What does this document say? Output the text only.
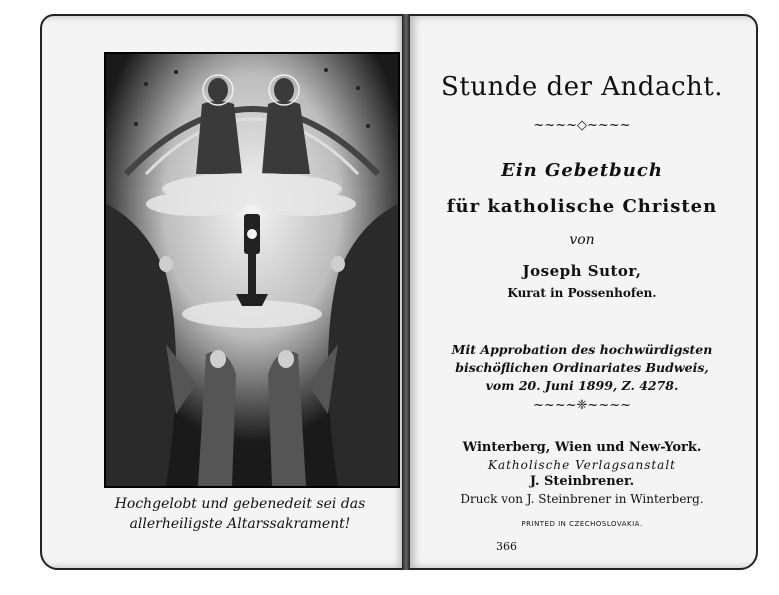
Hochgelobt und gebenedeit sei das
allerheiligste Altarssakrament!
Stunde der Andacht.
~~~~◇~~~~
Ein Gebetbuch
für katholische Christen
von
Joseph Sutor,
Kurat in Possenhofen.
Mit Approbation des hochwürdigsten
bischöflichen Ordinariates Budweis,
vom 20. Juni 1899, Z. 4278.
~~~~❈~~~~
Winterberg, Wien und New-York.
Katholische Verlagsanstalt
J. Steinbrener.
Druck von J. Steinbrener in Winterberg.
PRINTED IN CZECHOSLOVAKIA.
366
